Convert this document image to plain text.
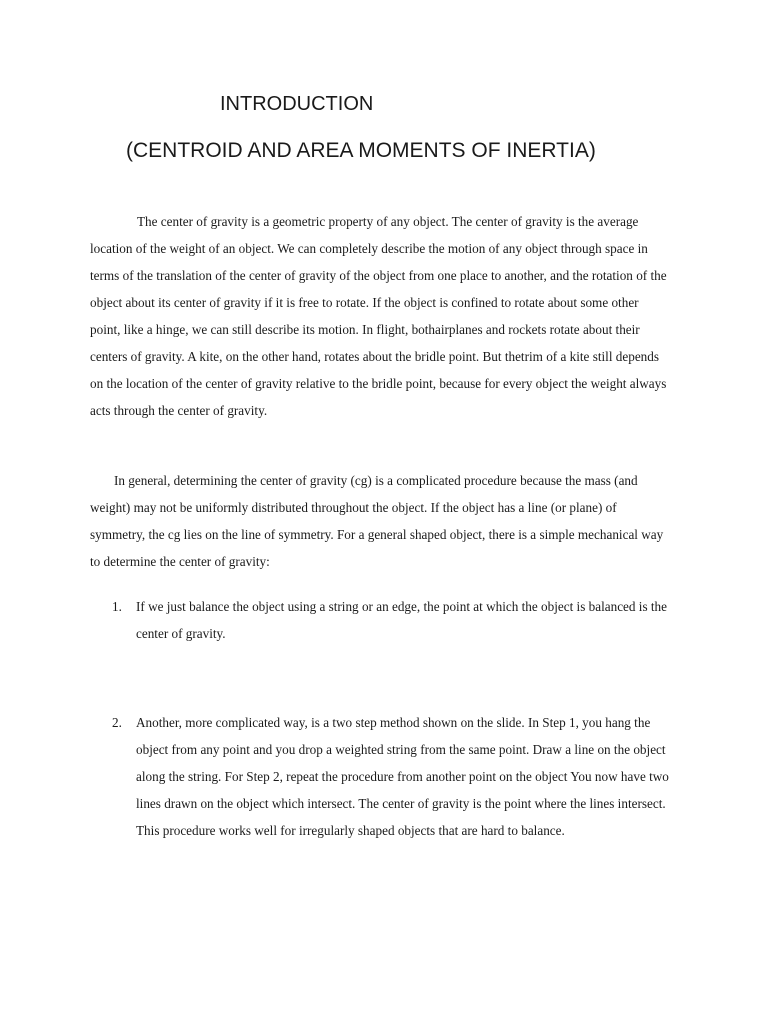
INTRODUCTION
(CENTROID AND AREA MOMENTS OF INERTIA)

The center of gravity is a geometric property of any object. The center of gravity is the average location of the weight of an object. We can completely describe the motion of any object through space in terms of the translation of the center of gravity of the object from one place to another, and the rotation of the object about its center of gravity if it is free to rotate. If the object is confined to rotate about some other point, like a hinge, we can still describe its motion. In flight, bothairplanes and rockets rotate about their centers of gravity. A kite, on the other hand, rotates about the bridle point. But thetrim of a kite still depends on the location of the center of gravity relative to the bridle point, because for every object the weight always acts through the center of gravity.

In general, determining the center of gravity (cg) is a complicated procedure because the mass (and weight) may not be uniformly distributed throughout the object. If the object has a line (or plane) of symmetry, the cg lies on the line of symmetry. For a general shaped object, there is a simple mechanical way to determine the center of gravity:

1. If we just balance the object using a string or an edge, the point at which the object is balanced is the center of gravity.
2. Another, more complicated way, is a two step method shown on the slide. In Step 1, you hang the object from any point and you drop a weighted string from the same point. Draw a line on the object along the string. For Step 2, repeat the procedure from another point on the object You now have two lines drawn on the object which intersect. The center of gravity is the point where the lines intersect. This procedure works well for irregularly shaped objects that are hard to balance.
